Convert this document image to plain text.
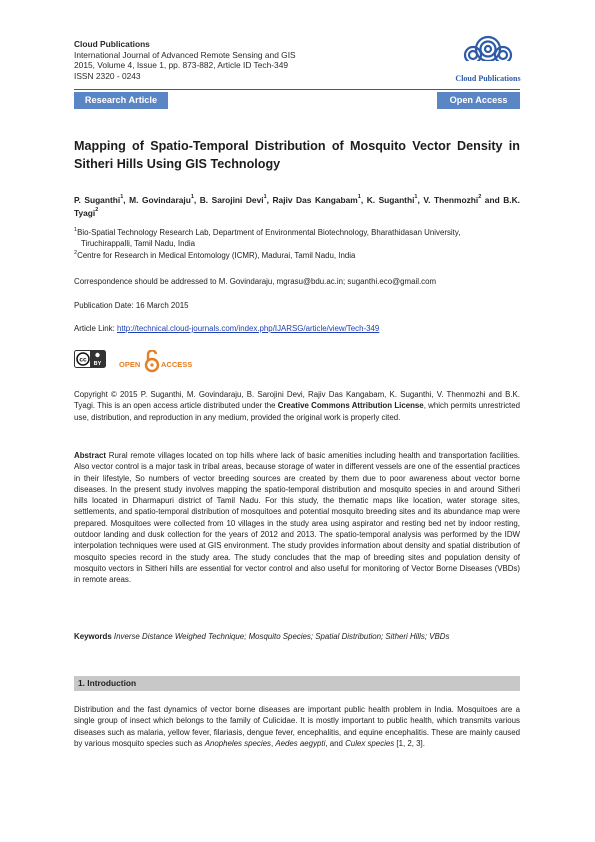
Cloud Publications
International Journal of Advanced Remote Sensing and GIS
2015, Volume 4, Issue 1, pp. 873-882, Article ID Tech-349
ISSN 2320 - 0243	Cloud Publications
Research Article	Open Access
Mapping of Spatio-Temporal Distribution of Mosquito Vector Density in Sitheri Hills Using GIS Technology
P. Suganthi$^1$, M. Govindaraju$^1$, B. Sarojini Devi$^1$, Rajiv Das Kangabam$^1$, K. Suganthi$^1$, V. Thenmozhi$^2$ and B.K. Tyagi$^2$
$^1$Bio-Spatial Technology Research Lab, Department of Environmental Biotechnology, Bharathidasan University,
Tiruchirappalli, Tamil Nadu, India
$^2$Centre for Research in Medical Entomology (ICMR), Madurai, Tamil Nadu, India
Correspondence should be addressed to M. Govindaraju, mgrasu@bdu.ac.in; suganthi.eco@gmail.com
Publication Date: 16 March 2015
Article Link: http://technical.cloud-journals.com/index.php/IJARSG/article/view/Tech-349
cc
BY OPEN	ACCESS
Copyright © 2015 P. Suganthi, M. Govindaraju, B. Sarojini Devi, Rajiv Das Kangabam, K. Suganthi, V. Thenmozhi and B.K. Tyagi. This is an open access article distributed under the Creative Commons Attribution License, which permits unrestricted use, distribution, and reproduction in any medium, provided the original work is properly cited.
Abstract Rural remote villages located on top hills where lack of basic amenities including health and transportation facilities. Also vector control is a major task in tribal areas, because storage of water in different vessels are one of the essential practices in their lifestyle, So numbers of vector breeding sources are created by them due to poor awareness about vector borne diseases. In the present study involves mapping the spatio-temporal distribution and mosquito species in and around Sitheri hills located in Dharmapuri district of Tamil Nadu. For this study, the thematic maps like location, water storage sites, settlements, and spatio-temporal distribution of mosquitoes and potential mosquito breeding sites and its abundance map were prepared. Mosquitoes were collected from 10 villages in the study area using aspirator and resting bed net by indoor resting, outdoor landing and dusk collection for the years of 2012 and 2013. The spatio-temporal analysis was performed by the IDW interpolation techniques were used at GIS environment. The study provides information about density and spatial distribution of mosquito species record in the study area. The study concludes that the map of breeding sites and population density of mosquito vectors in Sitheri hills are essential for vector control and also useful for monitoring of Vector Borne Diseases (VBDs) in remote areas.
Keywords Inverse Distance Weighed Technique; Mosquito Species; Spatial Distribution; Sitheri Hills; VBDs
1. Introduction
Distribution and the fast dynamics of vector borne diseases are important public health problem in India. Mosquitoes are a single group of insect which belongs to the family of Culicidae. It is mostly important to public health, which transmits various diseases such as malaria, yellow fever, filariasis, dengue fever, encephalitis, and equine encephalitis. These are mainly caused by various mosquito species such as Anopheles species, Aedes aegypti, and Culex species [1, 2, 3].
